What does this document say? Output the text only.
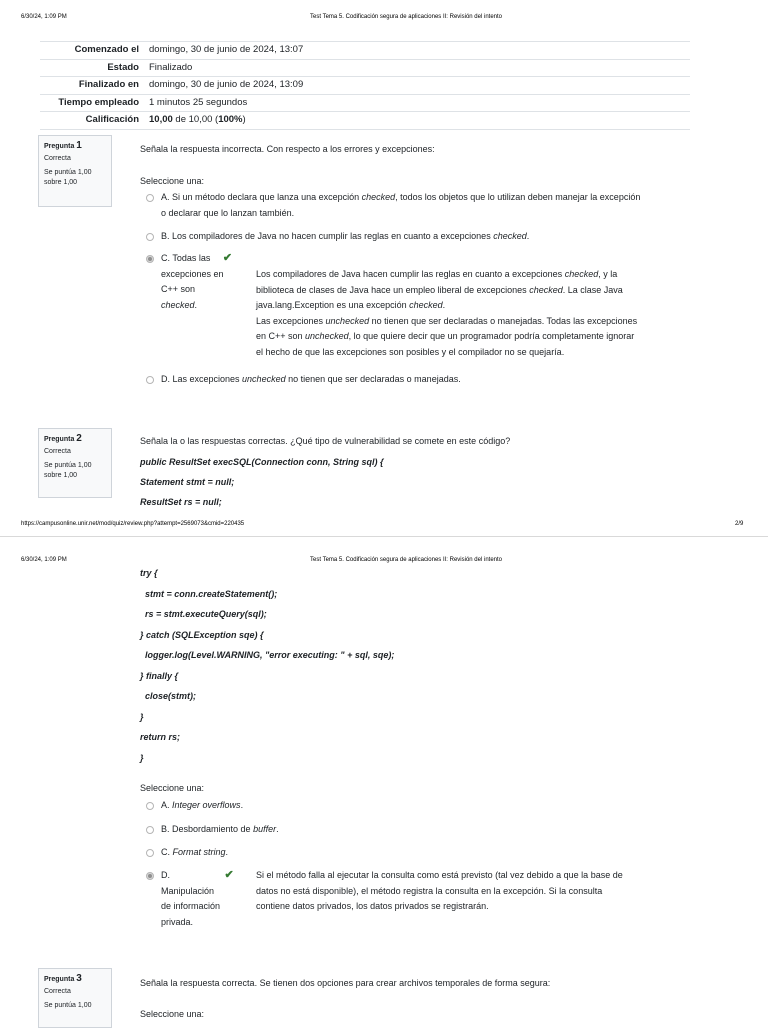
6/30/24, 1:09 PM	Test Tema 5. Codificación segura de aplicaciones II: Revisión del intento
Comenzado el	domingo, 30 de junio de 2024, 13:07
Estado	Finalizado
Finalizado en	domingo, 30 de junio de 2024, 13:09
Tiempo empleado	1 minutos 25 segundos
Calificación	10,00 de 10,00 (100%)
Pregunta 1
Correcta
Se puntúa 1,00 sobre 1,00
Señala la respuesta incorrecta. Con respecto a los errores y excepciones:
Seleccione una:
A. Si un método declara que lanza una excepción checked, todos los objetos que lo utilizan deben manejar la excepción
o declarar que lo lanzan también.
B. Los compiladores de Java no hacen cumplir las reglas en cuanto a excepciones checked.
C. Todas las ✔
excepciones en
C++ son
checked.
Los compiladores de Java hacen cumplir las reglas en cuanto a excepciones checked, y la
biblioteca de clases de Java hace un empleo liberal de excepciones checked. La clase Java
java.lang.Exception es una excepción checked.
Las excepciones unchecked no tienen que ser declaradas o manejadas. Todas las excepciones
en C++ son unchecked, lo que quiere decir que un programador podría completamente ignorar
el hecho de que las excepciones son posibles y el compilador no se quejaría.
D. Las excepciones unchecked no tienen que ser declaradas o manejadas.
Pregunta 2
Correcta
Se puntúa 1,00 sobre 1,00
Señala la o las respuestas correctas. ¿Qué tipo de vulnerabilidad se comete en este código?
public ResultSet execSQL(Connection conn, String sql) {
Statement stmt = null;
ResultSet rs = null;
https://campusonline.unir.net/mod/quiz/review.php?attempt=2569073&cmid=220435	2/9
6/30/24, 1:09 PM	Test Tema 5. Codificación segura de aplicaciones II: Revisión del intento
try {
stmt = conn.createStatement();
rs = stmt.executeQuery(sql);
} catch (SQLException sqe) {
logger.log(Level.WARNING, "error executing: " + sql, sqe);
} finally {
close(stmt);
}
return rs;
}
Seleccione una:
A. Integer overflows.
B. Desbordamiento de buffer.
C. Format string.
D.	✔
Manipulación
de información
privada.
Si el método falla al ejecutar la consulta como está previsto (tal vez debido a que la base de
datos no está disponible), el método registra la consulta en la excepción. Si la consulta
contiene datos privados, los datos privados se registrarán.
Pregunta 3
Correcta
Se puntúa 1,00
Señala la respuesta correcta. Se tienen dos opciones para crear archivos temporales de forma segura:
Seleccione una:
